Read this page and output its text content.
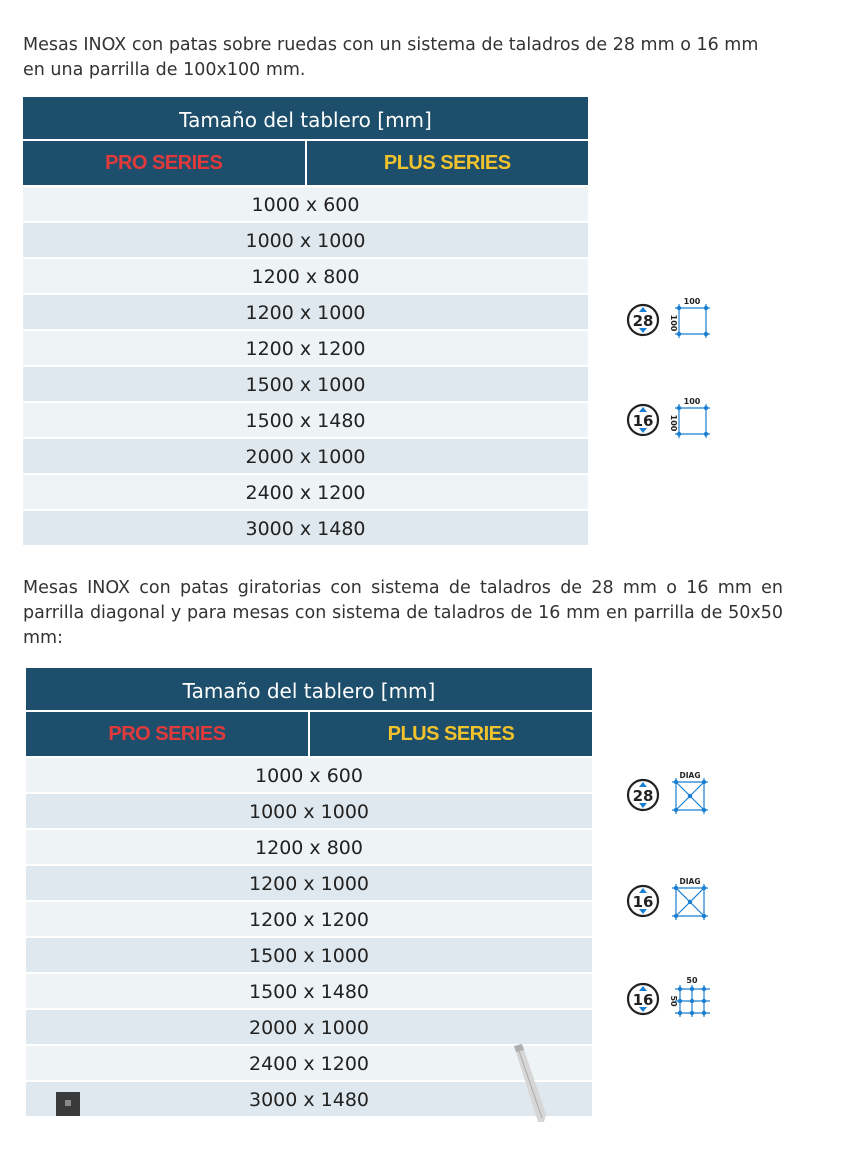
Mesas INOX con patas sobre ruedas con un sistema de taladros de 28 mm o 16 mm en una parrilla de 100x100 mm.
Tamaño del tablero [mm]
PRO SERIES	PLUS SERIES
1000 x 600
1000 x 1000
1200 x 800
1200 x 1000
1200 x 1200
1500 x 1000
1500 x 1480
2000 x 1000
2400 x 1200
3000 x 1480
Mesas INOX con patas giratorias con sistema de taladros de 28 mm o 16 mm en parrilla diagonal y para mesas con sistema de taladros de 16 mm en parrilla de 50x50 mm:
Tamaño del tablero [mm]
PRO SERIES	PLUS SERIES
1000 x 600
1000 x 1000
1200 x 800
1200 x 1000
1200 x 1200
1500 x 1000
1500 x 1480
2000 x 1000
2400 x 1200
3000 x 1480
28
100
100
16
100
100
28
DIAG
16
DIAG
16
50
50
